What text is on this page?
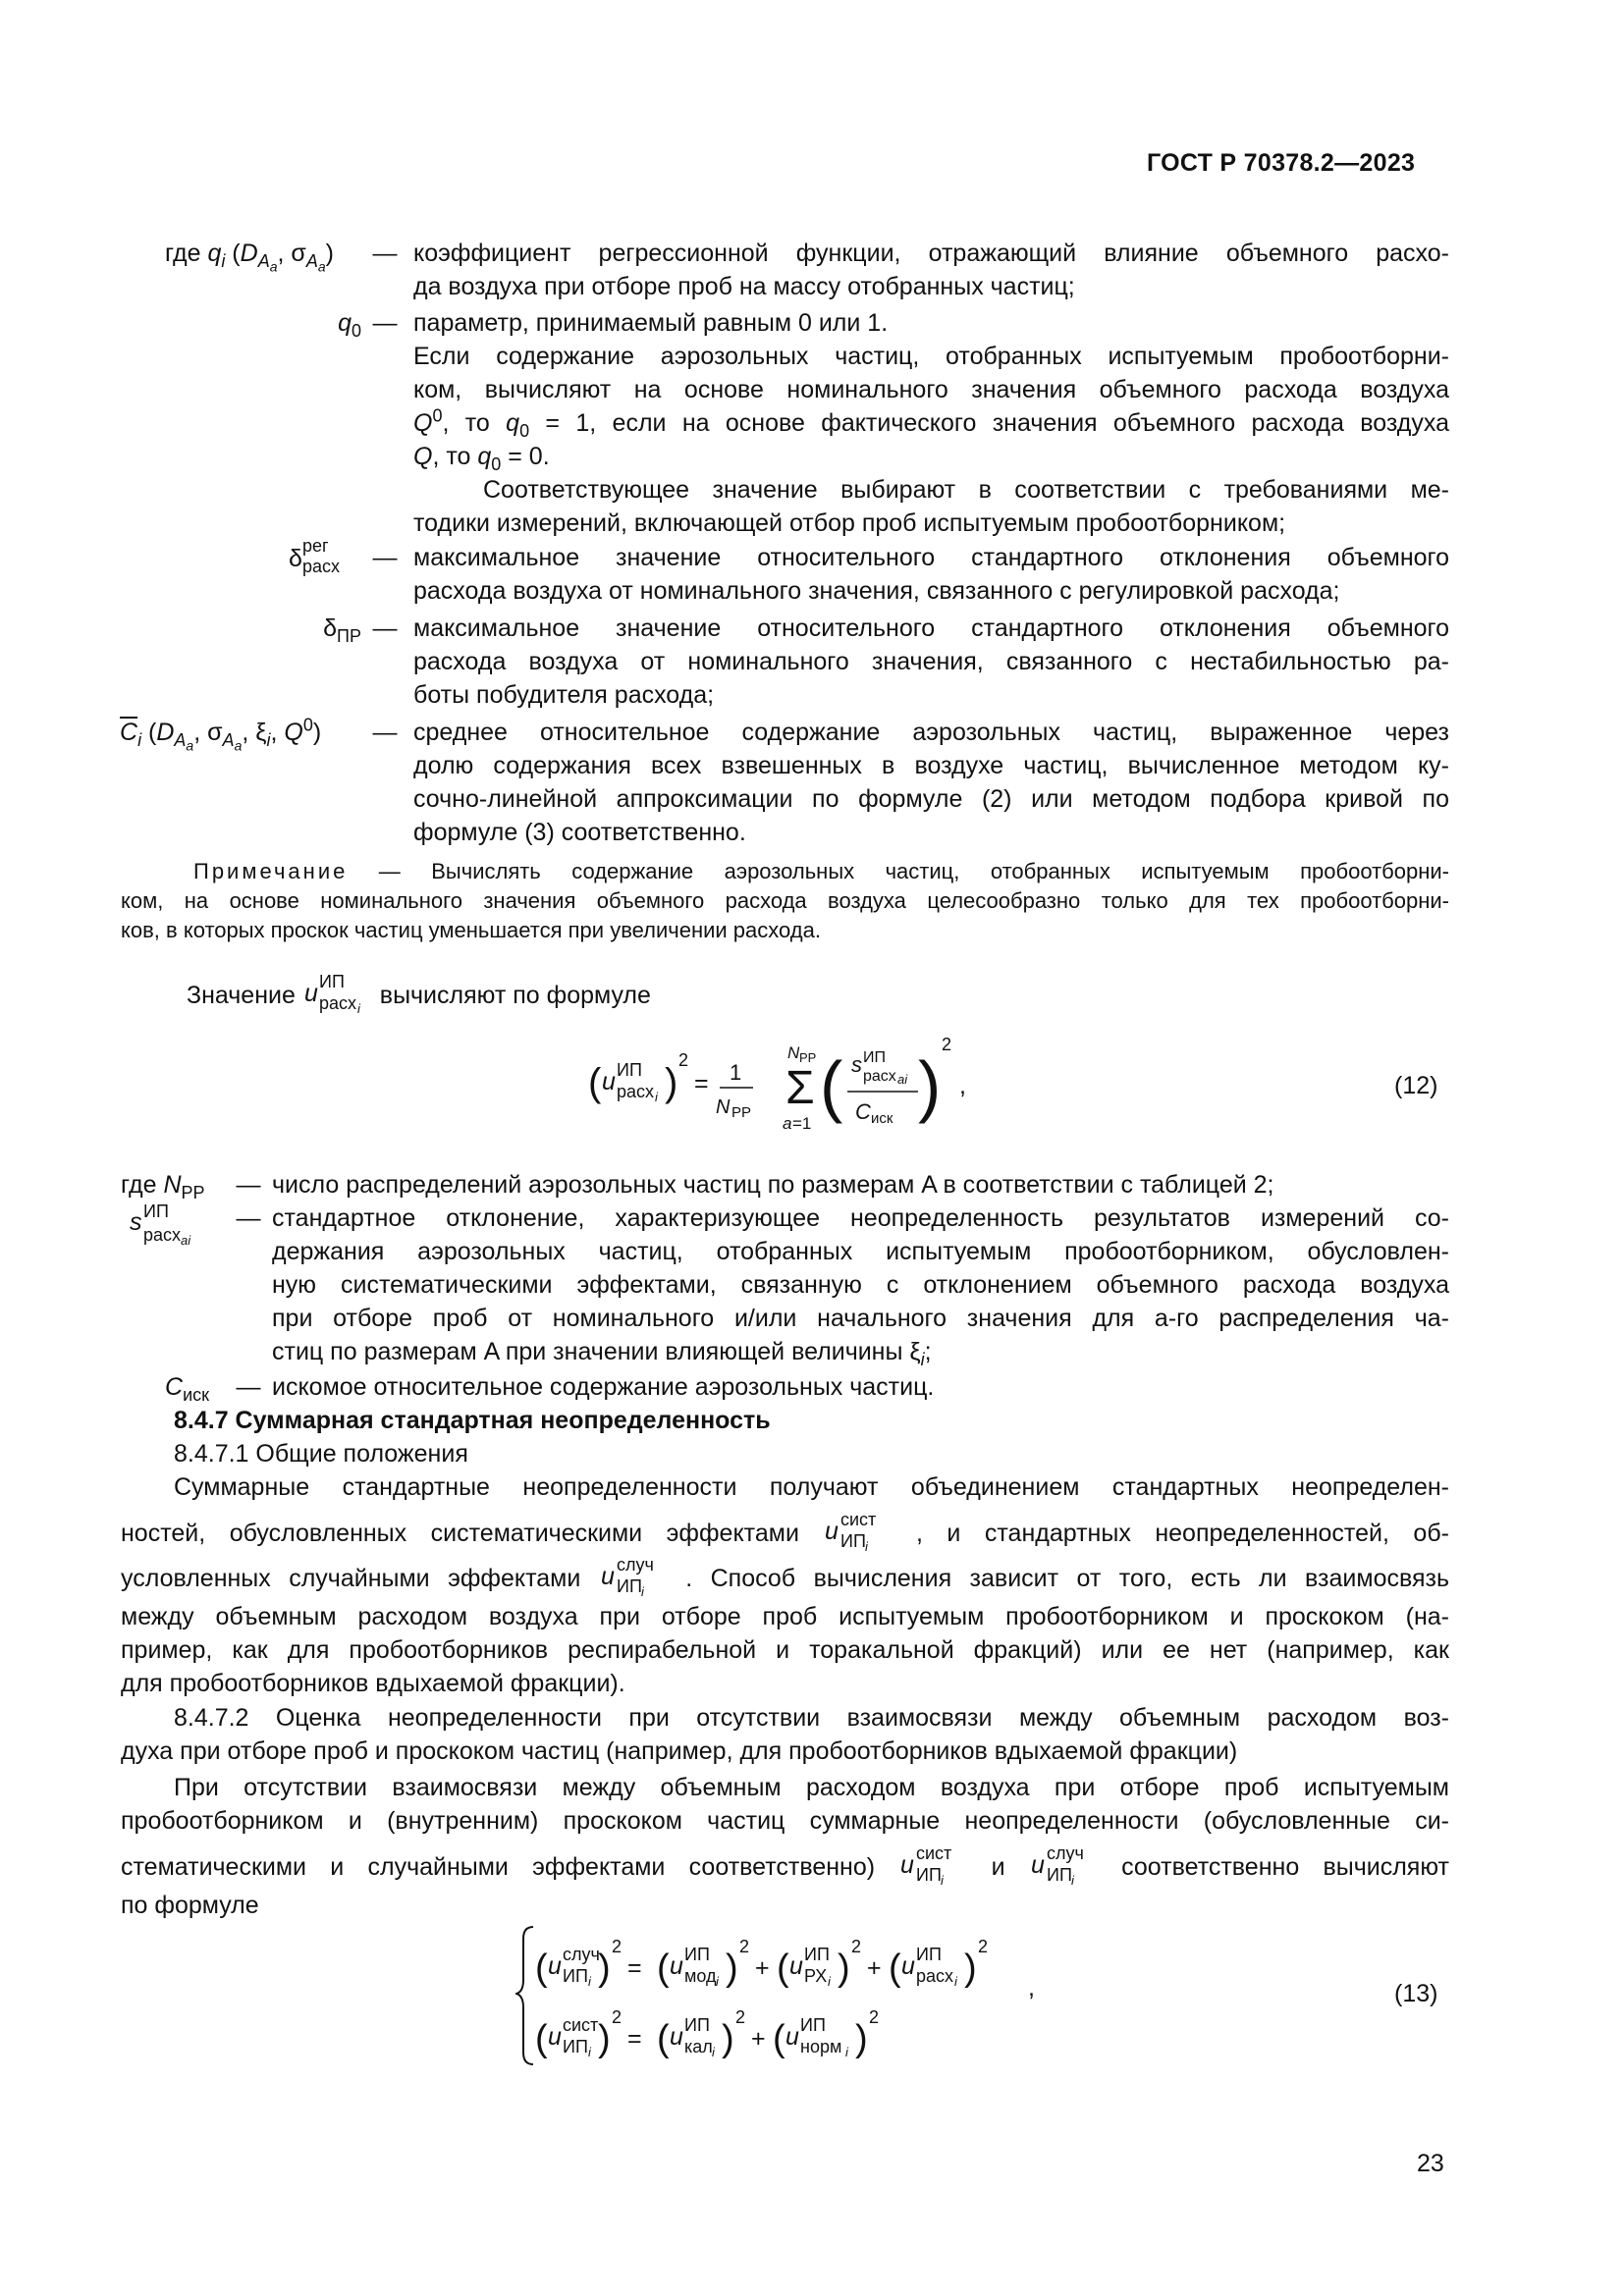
ГОСТ Р 70378.2—2023
где $q_i$ ($D_{A_a}$, $\sigma_{A_a}$)	— коэффициент регрессионной функции, отражающий влияние объемного расхо-
да воздуха при отборе проб на массу отобранных частиц;
$q_0$ — параметр, принимаемый равным 0 или 1.
Если содержание аэрозольных частиц, отобранных испытуемым пробоотборни-
ком, вычисляют на основе номинального значения объемного расхода воздуха
$Q^0$, то $q_0 = 1$, если на основе фактического значения объемного расхода воздуха
Q, то $q_0 = 0$.
Соответствующее значение выбирают в соответствии с требованиями ме-
тодики измерений, включающей отбор проб испытуемым пробоотборником;
δ рег
расх	— максимальное значение относительного стандартного отклонения объемного
расхода воздуха от номинального значения, связанного с регулировкой расхода;
$\delta_{ПР}$ — максимальное значение относительного стандартного отклонения объемного
расхода воздуха от номинального значения, связанного с нестабильностью ра-
боты побудителя расхода;
$\overline{C}_i$ ($D_{A_a}$, $\sigma_{A_a}$, $\xi_i$, $Q^0$)	— среднее относительное содержание аэрозольных частиц, выраженное через
долю содержания всех взвешенных в воздухе частиц, вычисленное методом ку-
сочно-линейной аппроксимации по формуле (2) или методом подбора кривой по
формуле (3) соответственно.
Примечание — Вычислять содержание аэрозольных частиц, отобранных испытуемым пробоотборни-
ком, на основе номинального значения объемного расхода воздуха целесообразно только для тех пробоотборни-
ков, в которых проскок частиц уменьшается при увеличении расхода.
Значение u ИП
расх i вычисляют по формуле
( u ИП
расх i )
2
= 1
N PP
N PP
Σ
a =1 ( s ИП
расх ai
C иск )
2
,	(12)
где $N_{PP}$	— число распределений аэрозольных частиц по размерам A в соответствии с таблицей 2;
s ИП
расх ai
— стандартное отклонение, характеризующее неопределенность результатов измерений со-
держания аэрозольных частиц, отобранных испытуемым пробоотборником, обусловлен-
ную систематическими эффектами, связанную с отклонением объемного расхода воздуха
при отборе проб от номинального и/или начального значения для a-го распределения ча-
стиц по размерам A при значении влияющей величины $\xi_i$;
$C_{иск}$	— искомое относительное содержание аэрозольных частиц.
8.4.7 Суммарная стандартная неопределенность
8.4.7.1 Общие положения
Суммарные стандартные неопределенности получают объединением стандартных неопределен-
ностей, обусловленных систематическими эффектами u сист
ИП i , и стандартных неопределенностей, об-
условленных случайными эффектами u случ
ИП i . Способ вычисления зависит от того, есть ли взаимосвязь
между объемным расходом воздуха при отборе проб испытуемым пробоотборником и проскоком (на-
пример, как для пробоотборников респирабельной и торакальной фракций) или ее нет (например, как
для пробоотборников вдыхаемой фракции).
8.4.7.2 Оценка неопределенности при отсутствии взаимосвязи между объемным расходом воз-
духа при отборе проб и проскоком частиц (например, для пробоотборников вдыхаемой фракции)
При отсутствии взаимосвязи между объемным расходом воздуха при отборе проб испытуемым
пробоотборником и (внутренним) проскоком частиц суммарные неопределенности (обусловленные си-
стематическими и случайными эффектами соответственно) u сист
ИП i и u случ
ИП i соответственно вычисляют
по формуле
( u случ
ИП i )
2
= ( u ИП
мод i )
2
+ ( u ИП
РХ i )
2
+ ( u ИП
расх i )
2
,
( u сист
ИП i )
2
= ( u ИП
кал i )
2
+ ( u ИП
норм i )
2
(13)
23
